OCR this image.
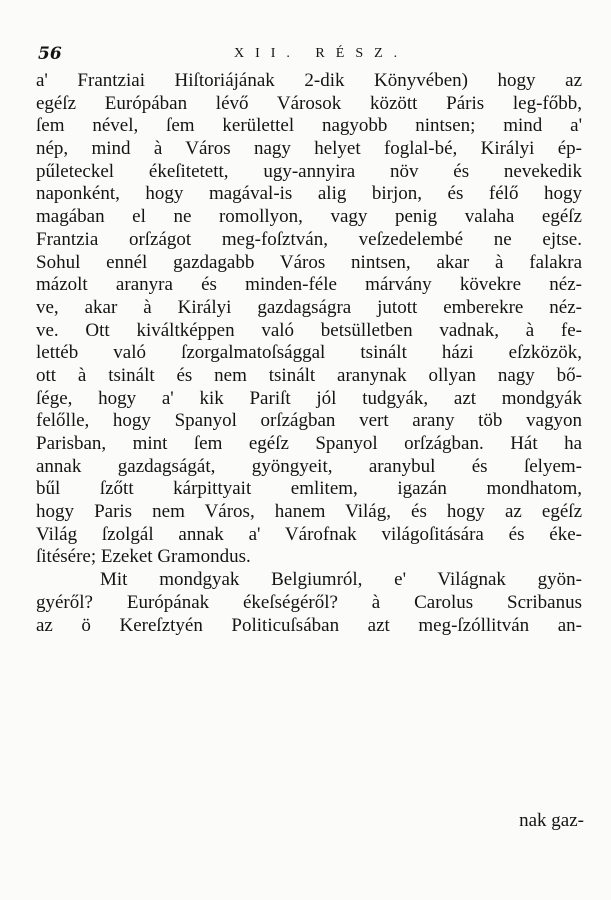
56	XII. RÉSZ.
a' Frantziai Hiſtoriájának 2-dik Könyvében) hogy az
egéſz Európában lévő Városok között Páris leg-főbb,
ſem nével, ſem kerülettel nagyobb nintsen; mind a'
nép, mind à Város nagy helyet foglal-bé, Királyi ép-
pűleteckel ékeſitetett, ugy-annyira növ és nevekedik
naponként, hogy magával-is alig birjon, és félő hogy
magában el ne romollyon, vagy penig valaha egéſz
Frantzia orſzágot meg-foſztván, veſzedelembé ne ejtse.
Sohul ennél gazdagabb Város nintsen, akar à falakra
mázolt aranyra és minden-féle márvány kövekre néz-
ve, akar à Királyi gazdagságra jutott emberekre néz-
ve. Ott kiváltképpen való betsülletben vadnak, à fe-
lettéb való ſzorgalmatoſsággal tsinált házi eſzközök,
ott à tsinált és nem tsinált aranynak ollyan nagy bő-
ſége, hogy a' kik Pariſt jól tudgyák, azt mondgyák
felőlle, hogy Spanyol orſzágban vert arany töb vagyon
Parisban, mint ſem egéſz Spanyol orſzágban. Hát ha
annak gazdagságát, gyöngyeit, aranybul és ſelyem-
bűl ſzőtt kárpittyait emlitem, igazán mondhatom,
hogy Paris nem Város, hanem Világ, és hogy az egéſz
Világ ſzolgál annak a' Várofnak világoſitására és éke-
ſitésére; Ezeket Gramondus.
Mit mondgyak Belgiumról, e' Világnak gyön-
gyéről? Európának ékeſségéről? à Carolus Scribanus
az ö Kereſztyén Politicuſsában azt meg-ſzóllitván an-
nak gaz-
